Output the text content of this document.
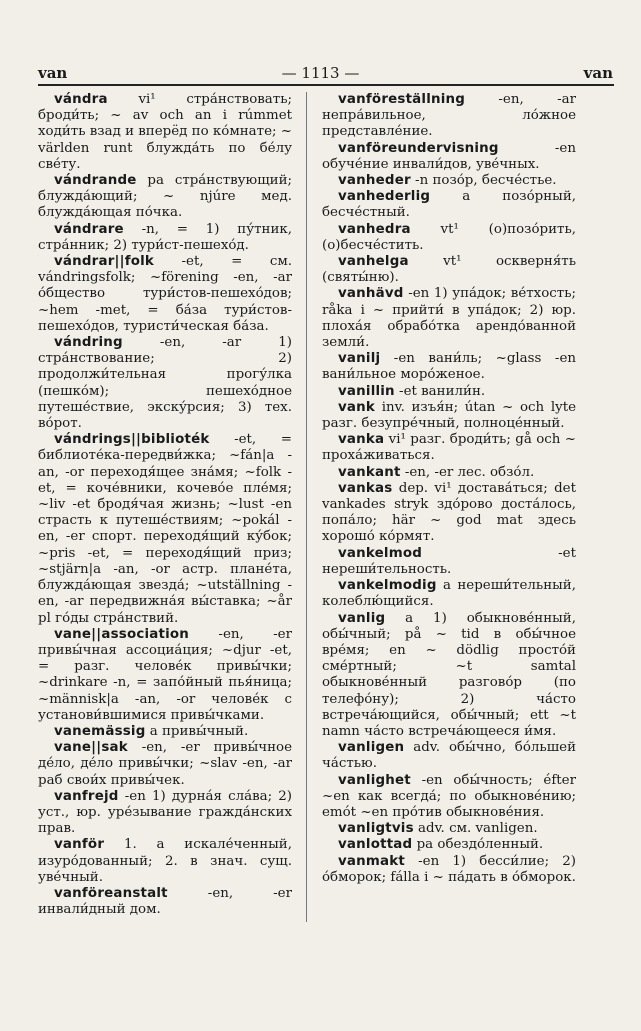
van	— 1113 —	van

vándra vi¹ стра́нствовать; броди́ть; ~ av och an i rúmmet ходи́ть взад и вперёд по ко́мнате; ~ världen runt блужда́ть по бе́лу све́ту.

vándrande pa стра́нствующий; блужда́ющий; ~ njúre мед. блужда́ющая по́чка.

vándrare -n, = 1) пу́тник, стра́нник; 2) тури́ст-пешехо́д.

vándrar||folk -et, = см. vándringsfolk; ~förening -en, -ar о́бщество тури́стов-пешехо́дов; ~hem -met, = ба́за тури́стов-пешехо́дов, туристи́ческая ба́за.

vándring -en, -ar 1) стра́нствование; 2) продолжи́тельная прогу́лка (пешко́м); пешехо́дное путеше́ствие, экску́рсия; 3) тех. во́рот.

vándrings||biblioték -et, = библиоте́ка-передви́жка; ~fán|a -an, -or переходя́щее зна́мя; ~folk -et, = коче́вники, кочево́е пле́мя; ~liv -et бродя́чая жизнь; ~lust -en страсть к путеше́ствиям; ~pokál -en, -er спорт. переходя́щий ку́бок; ~pris -et, = переходя́щий приз; ~stjärn|a -an, -or астр. плане́та, блужда́ющая звезда́; ~utställning -en, -ar передвижна́я вы́ставка; ~år pl го́ды стра́нствий.

vane||association -en, -er привы́чная ассоциа́ция; ~djur -et, = разг. челове́к привы́чки; ~drinkare -n, = запо́йный пья́ница; ~människ|a -an, -or челове́к с установи́вшимися привы́чками.

vanemässig a привы́чный.

vane||sak -en, -er привы́чное де́ло, де́ло привы́чки; ~slav -en, -ar раб свои́х привы́чек.

vanfrejd -en 1) дурна́я сла́ва; 2) уст., юр. уре́зывание гражда́нских прав.

vanför 1. a искале́ченный, изуро́дованный; 2. в знач. сущ. уве́чный.

vanföreanstalt -en, -er инвали́дный дом.

vanföreställning -en, -ar непра́вильное, ло́жное представле́ние.

vanföreundervisning -en обуче́ние инвали́дов, уве́чных.

vanheder -n позо́р, бесче́стье.

vanhederlig a позо́рный, бесче́стный.

vanhedra vt¹ (о)позо́рить, (о)бесче́стить.

vanhelga vt¹ оскверня́ть (святы́ню).

vanhävd -en 1) упа́док; ве́тхость; råka i ~ прийти́ в упа́док; 2) юр. плоха́я обрабо́тка арендо́ванной земли́.

vanilj -en вани́ль; ~glass -en вани́льное моро́женое.

vanillin -et ванили́н.

vank inv. изъя́н; útan ~ och lyte разг. безупре́чный, полноце́нный.

vanka vi¹ разг. броди́ть; gå och ~ проха́живаться.

vankant -en, -er лес. обзо́л.

vankas dep. vi¹ достава́ться; det vankades stryk здо́рово доста́лось, попа́ло; här ~ god mat здесь хорошо́ ко́рмят.

vankelmod -et нереши́тельность.

vankelmodig a нереши́тельный, колеблю́щийся.

vanlig a 1) обыкнове́нный, обы́чный; på ~ tid в обы́чное вре́мя; en ~ dödlig просто́й сме́ртный; ~t samtal обыкнове́нный разгово́р (по телефо́ну); 2) ча́сто встреча́ющийся, обы́чный; ett ~t namn ча́сто встреча́ющееся и́мя.

vanligen adv. обы́чно, бо́льшей ча́стью.

vanlighet -en обы́чность; éfter ~en как всегда́; по обыкнове́нию; emót ~en про́тив обыкнове́ния.

vanligtvis adv. см. vanligen.

vanlottad pa обездо́ленный.

vanmakt -en 1) бесси́лие; 2) о́бморок; fálla i ~ па́дать в о́бморок.
